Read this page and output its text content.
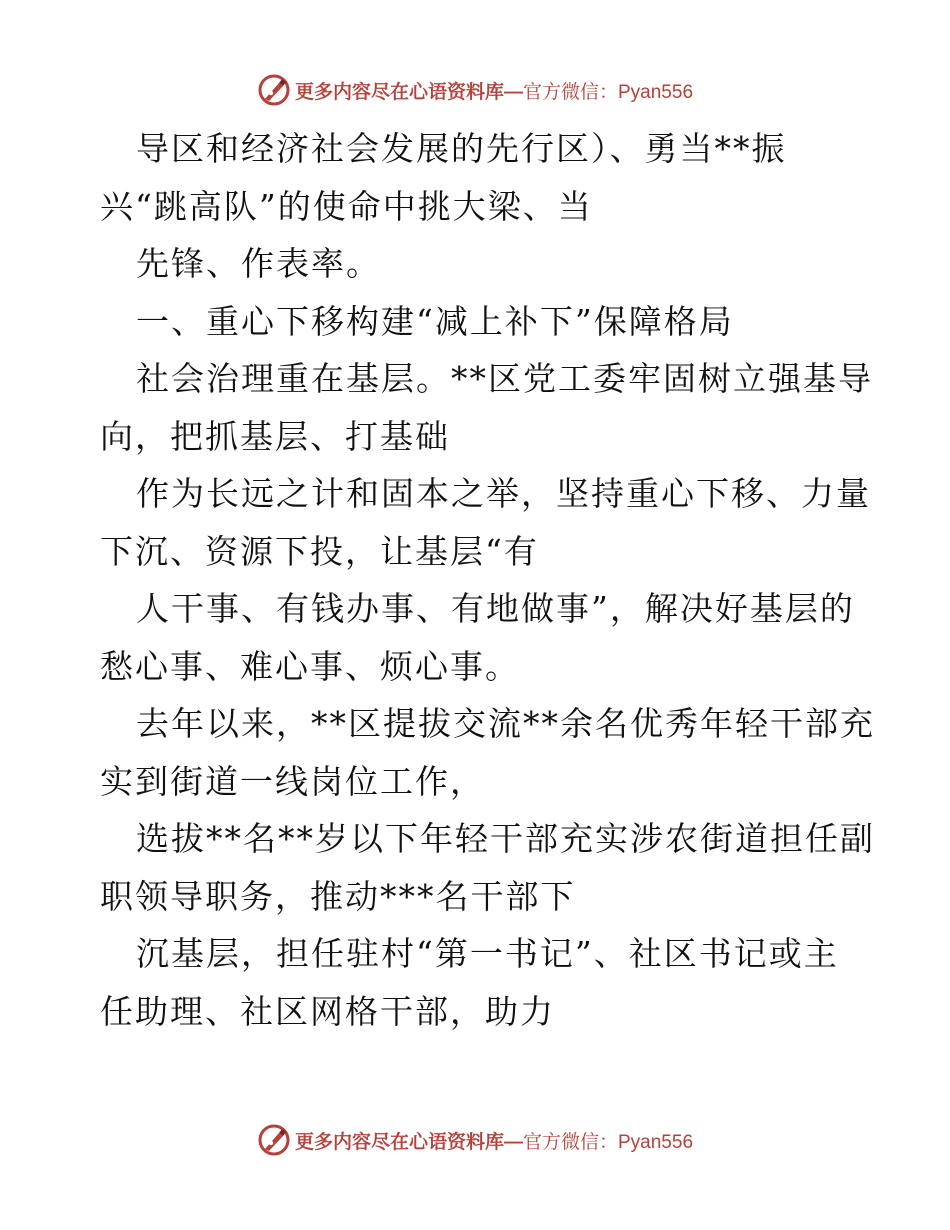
更多内容尽在心语资料库—官方微信：Pyan556
导区和经济社会发展的先行区）、勇当**振
兴“跳高队”的使命中挑大梁、当
先锋、作表率。
一、重心下移构建“减上补下”保障格局
社会治理重在基层。**区党工委牢固树立强基导
向，把抓基层、打基础
作为长远之计和固本之举，坚持重心下移、力量
下沉、资源下投，让基层“有
人干事、有钱办事、有地做事”，解决好基层的
愁心事、难心事、烦心事。
去年以来，**区提拔交流**余名优秀年轻干部充
实到街道一线岗位工作，
选拔**名**岁以下年轻干部充实涉农街道担任副
职领导职务，推动***名干部下
沉基层，担任驻村“第一书记”、社区书记或主
任助理、社区网格干部，助力
更多内容尽在心语资料库—官方微信：Pyan556
